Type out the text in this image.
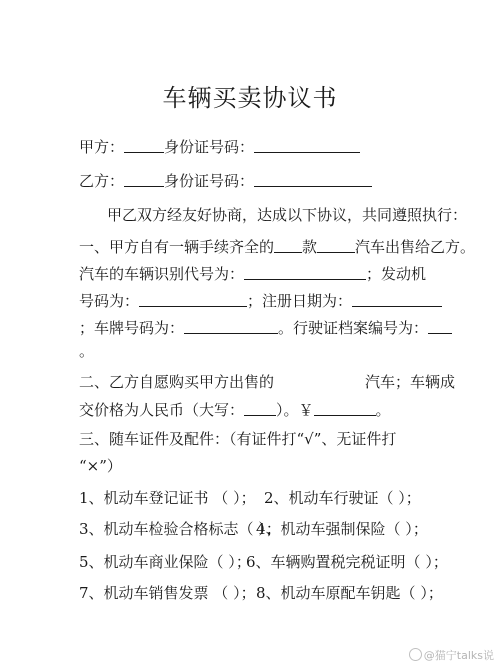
车辆买卖协议书
甲方：	身份证号码：
乙方：	身份证号码：
甲乙双方经友好协商，达成以下协议，共同遵照执行：
一、甲方自有一辆手续齐全的 款	汽车出售给乙方。
汽车的车辆识别代号为：	；发动机
号码为：	；注册日期为：
；车牌号码为：	。行驶证档案编号为：
。
二、乙方自愿购买甲方出售的	汽车；车辆成
交价格为人民币（大写： ）。￥	。
三、随车证件及配件：（有证件打“√”、无证件打
“×”）
1、机动车登记证书 （ ）； 2、机动车行驶证（ ）；
3、机动车检验合格标志（ ）；
4、机动车强制保险（ ）；
5、机动车商业保险（ ）；
6、车辆购置税完税证明（ ）；
7、机动车销售发票 （ ）； 8、机动车原配车钥匙（ ）；
@猫宁talks说
